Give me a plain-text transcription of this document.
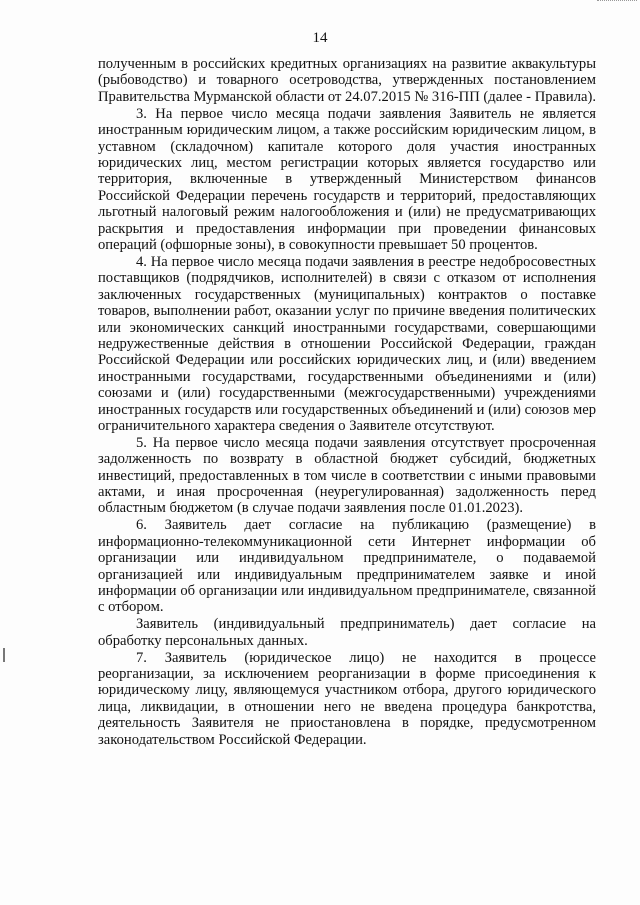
14

полученным в российских кредитных организациях на развитие аквакультуры (рыбоводство) и товарного осетроводства, утвержденных постановлением Правительства Мурманской области от 24.07.2015 № 316-ПП (далее - Правила).

3. На первое число месяца подачи заявления Заявитель не является иностранным юридическим лицом, а также российским юридическим лицом, в уставном (складочном) капитале которого доля участия иностранных юридических лиц, местом регистрации которых является государство или территория, включенные в утвержденный Министерством финансов Российской Федерации перечень государств и территорий, предоставляющих льготный налоговый режим налогообложения и (или) не предусматривающих раскрытия и предоставления информации при проведении финансовых операций (офшорные зоны), в совокупности превышает 50 процентов.

4. На первое число месяца подачи заявления в реестре недобросовестных поставщиков (подрядчиков, исполнителей) в связи с отказом от исполнения заключенных государственных (муниципальных) контрактов о поставке товаров, выполнении работ, оказании услуг по причине введения политических или экономических санкций иностранными государствами, совершающими недружественные действия в отношении Российской Федерации, граждан Российской Федерации или российских юридических лиц, и (или) введением иностранными государствами, государственными объединениями и (или) союзами и (или) государственными (межгосударственными) учреждениями иностранных государств или государственных объединений и (или) союзов мер ограничительного характера сведения о Заявителе отсутствуют.

5. На первое число месяца подачи заявления отсутствует просроченная задолженность по возврату в областной бюджет субсидий, бюджетных инвестиций, предоставленных в том числе в соответствии с иными правовыми актами, и иная просроченная (неурегулированная) задолженность перед областным бюджетом (в случае подачи заявления после 01.01.2023).

6. Заявитель дает согласие на публикацию (размещение) в информационно-телекоммуникационной сети Интернет информации об организации или индивидуальном предпринимателе, о подаваемой организацией или индивидуальным предпринимателем заявке и иной информации об организации или индивидуальном предпринимателе, связанной с отбором.

Заявитель (индивидуальный предприниматель) дает согласие на обработку персональных данных.

7. Заявитель (юридическое лицо) не находится в процессе реорганизации, за исключением реорганизации в форме присоединения к юридическому лицу, являющемуся участником отбора, другого юридического лица, ликвидации, в отношении него не введена процедура банкротства, деятельность Заявителя не приостановлена в порядке, предусмотренном законодательством Российской Федерации.
